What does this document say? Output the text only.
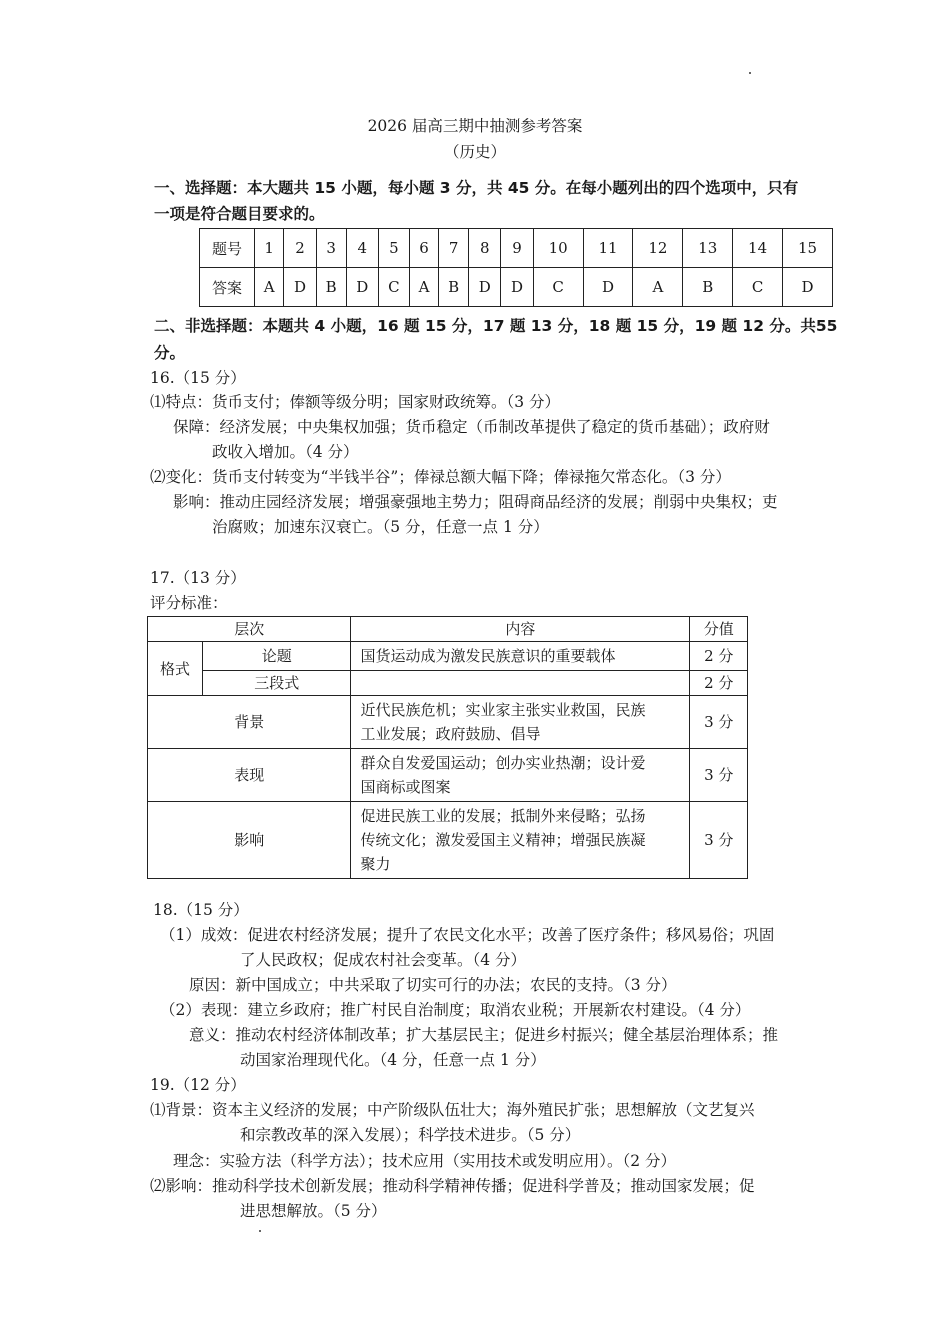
2026 届高三期中抽测参考答案
（历史）
一、选择题：本大题共 15 小题，每小题 3 分，共 45 分。在每小题列出的四个选项中，只有
一项是符合题目要求的。
题号	1	2	3	4	5	6	7	8	9	10	11	12	13	14	15
答案	A	D	B	D	C	A	B	D	D	C	D	A	B	C	D
二、非选择题：本题共 4 小题，16 题 15 分，17 题 13 分，18 题 15 分，19 题 12 分。共55
分。
16.（15 分）
⑴特点：货币支付；俸额等级分明；国家财政统筹。（3 分）
保障：经济发展；中央集权加强；货币稳定（币制改革提供了稳定的货币基础）；政府财
政收入增加。（4 分）
⑵变化：货币支付转变为“半钱半谷”；俸禄总额大幅下降；俸禄拖欠常态化。（3 分）
影响：推动庄园经济发展；增强豪强地主势力；阻碍商品经济的发展；削弱中央集权；吏
治腐败；加速东汉衰亡。（5 分，任意一点 1 分）
17.（13 分）
评分标准：
层次		内容	分值
格式	论题	国货运动成为激发民族意识的重要载体	2 分
	三段式		2 分
背景		近代民族危机；实业家主张实业救国，民族
工业发展；政府鼓励、倡导	3 分
表现		群众自发爱国运动；创办实业热潮；设计爱
国商标或图案	3 分
影响		促进民族工业的发展；抵制外来侵略；弘扬
传统文化；激发爱国主义精神；增强民族凝
聚力	3 分
18.（15 分）
（1）成效：促进农村经济发展；提升了农民文化水平；改善了医疗条件；移风易俗；巩固
了人民政权；促成农村社会变革。（4 分）
原因：新中国成立；中共采取了切实可行的办法；农民的支持。（3 分）
（2）表现：建立乡政府；推广村民自治制度；取消农业税；开展新农村建设。（4 分）
意义：推动农村经济体制改革；扩大基层民主；促进乡村振兴；健全基层治理体系；推
动国家治理现代化。（4 分，任意一点 1 分）
19.（12 分）
⑴背景：资本主义经济的发展；中产阶级队伍壮大；海外殖民扩张；思想解放（文艺复兴
和宗教改革的深入发展）；科学技术进步。（5 分）
理念：实验方法（科学方法）；技术应用（实用技术或发明应用）。（2 分）
⑵影响：推动科学技术创新发展；推动科学精神传播；促进科学普及；推动国家发展；促
进思想解放。（5 分）
